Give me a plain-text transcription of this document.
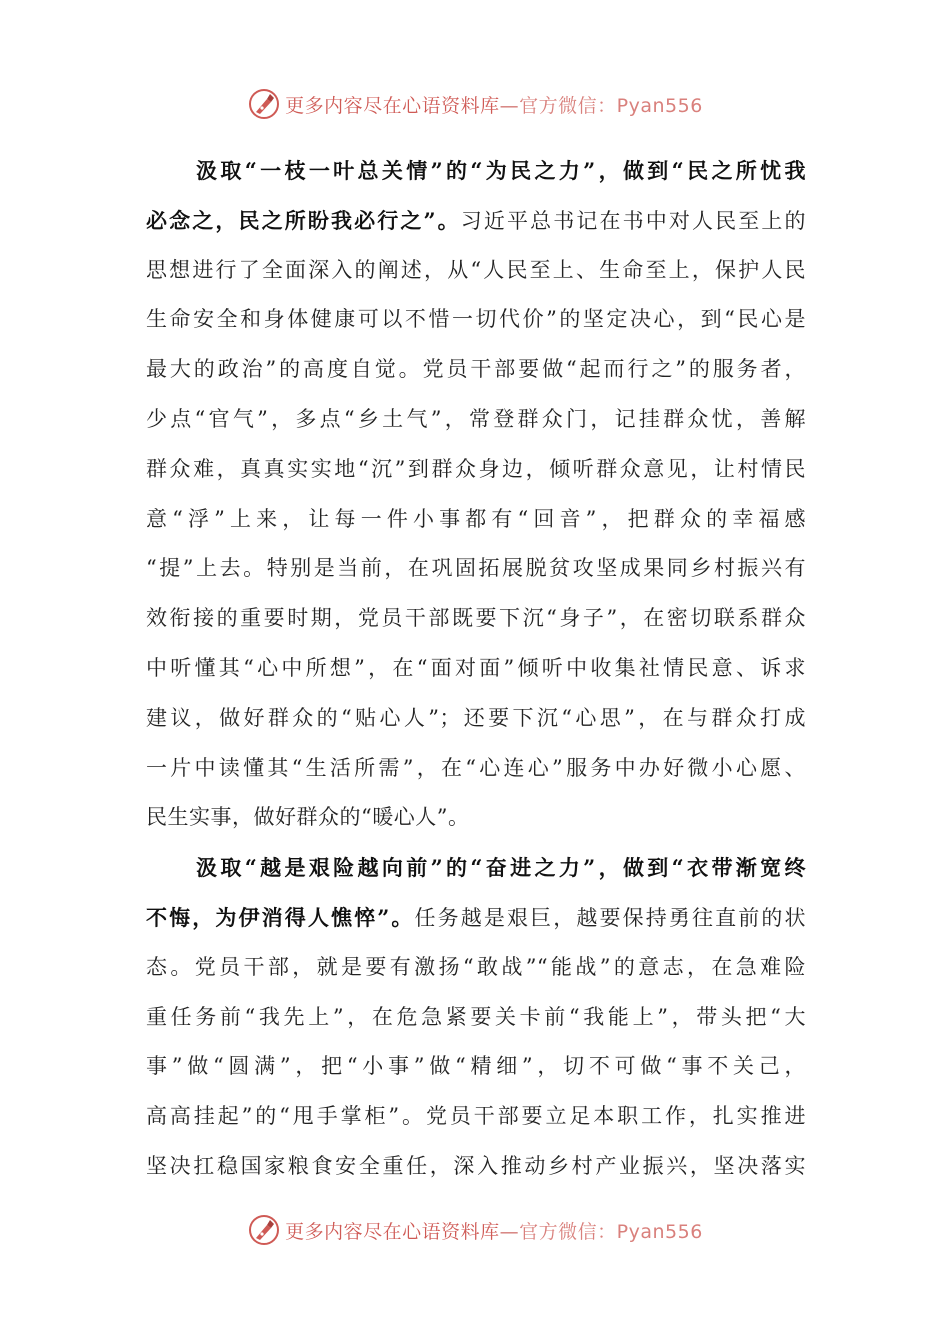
更多内容尽在心语资料库—官方微信：Pyan556
汲取“一枝一叶总关情”的“为民之力”，做到“民之所忧我
必念之，民之所盼我必行之”。习近平总书记在书中对人民至上的
思想进行了全面深入的阐述，从“人民至上、生命至上，保护人民
生命安全和身体健康可以不惜一切代价”的坚定决心，到“民心是
最大的政治”的高度自觉。党员干部要做“起而行之”的服务者，
少点“官气”，多点“乡土气”，常登群众门，记挂群众忧，善解
群众难，真真实实地“沉”到群众身边，倾听群众意见，让村情民
意“浮”上来，让每一件小事都有“回音”，把群众的幸福感
“提”上去。特别是当前，在巩固拓展脱贫攻坚成果同乡村振兴有
效衔接的重要时期，党员干部既要下沉“身子”，在密切联系群众
中听懂其“心中所想”，在“面对面”倾听中收集社情民意、诉求
建议，做好群众的“贴心人”；还要下沉“心思”，在与群众打成
一片中读懂其“生活所需”，在“心连心”服务中办好微小心愿、
民生实事，做好群众的“暖心人”。
汲取“越是艰险越向前”的“奋进之力”，做到“衣带渐宽终
不悔，为伊消得人憔悴”。任务越是艰巨，越要保持勇往直前的状
态。党员干部，就是要有激扬“敢战”“能战”的意志，在急难险
重任务前“我先上”，在危急紧要关卡前“我能上”，带头把“大
事”做“圆满”，把“小事”做“精细”，切不可做“事不关己，
高高挂起”的“甩手掌柜”。党员干部要立足本职工作，扎实推进
坚决扛稳国家粮食安全重任，深入推动乡村产业振兴，坚决落实
更多内容尽在心语资料库—官方微信：Pyan556
